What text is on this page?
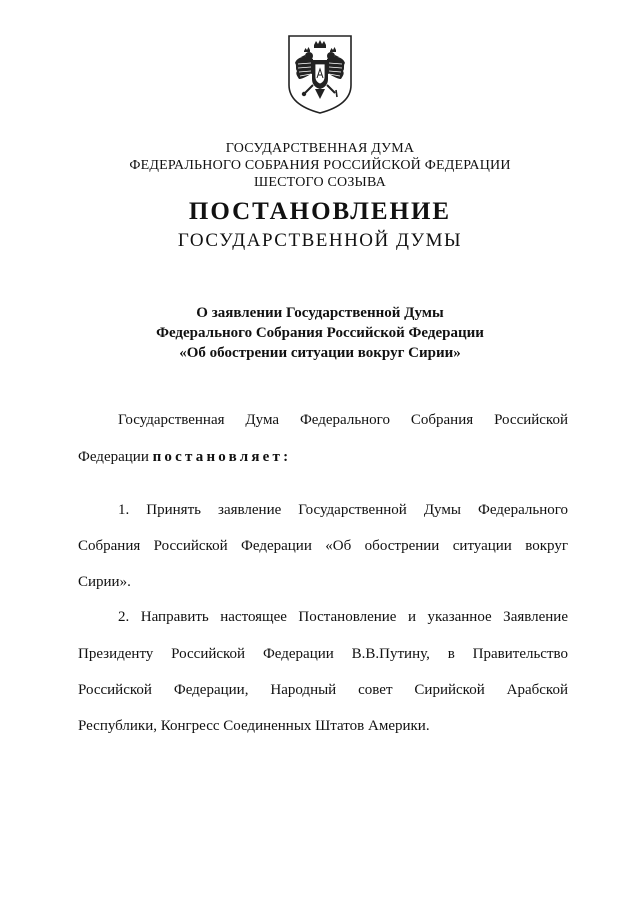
ГОСУДАРСТВЕННАЯ ДУМА
ФЕДЕРАЛЬНОГО СОБРАНИЯ РОССИЙСКОЙ ФЕДЕРАЦИИ
ШЕСТОГО СОЗЫВА
ПОСТАНОВЛЕНИЕ
ГОСУДАРСТВЕННОЙ ДУМЫ
О заявлении Государственной Думы
Федерального Собрания Российской Федерации
«Об обострении ситуации вокруг Сирии»
Государственная Дума Федерального Собрания Российской
Федерации постановляет:
1. Принять заявление Государственной Думы Федерального
Собрания Российской Федерации «Об обострении ситуации вокруг
Сирии».
2. Направить настоящее Постановление и указанное Заявление
Президенту Российской Федерации В.В.Путину, в Правительство
Российской Федерации, Народный совет Сирийской Арабской
Республики, Конгресс Соединенных Штатов Америки.
